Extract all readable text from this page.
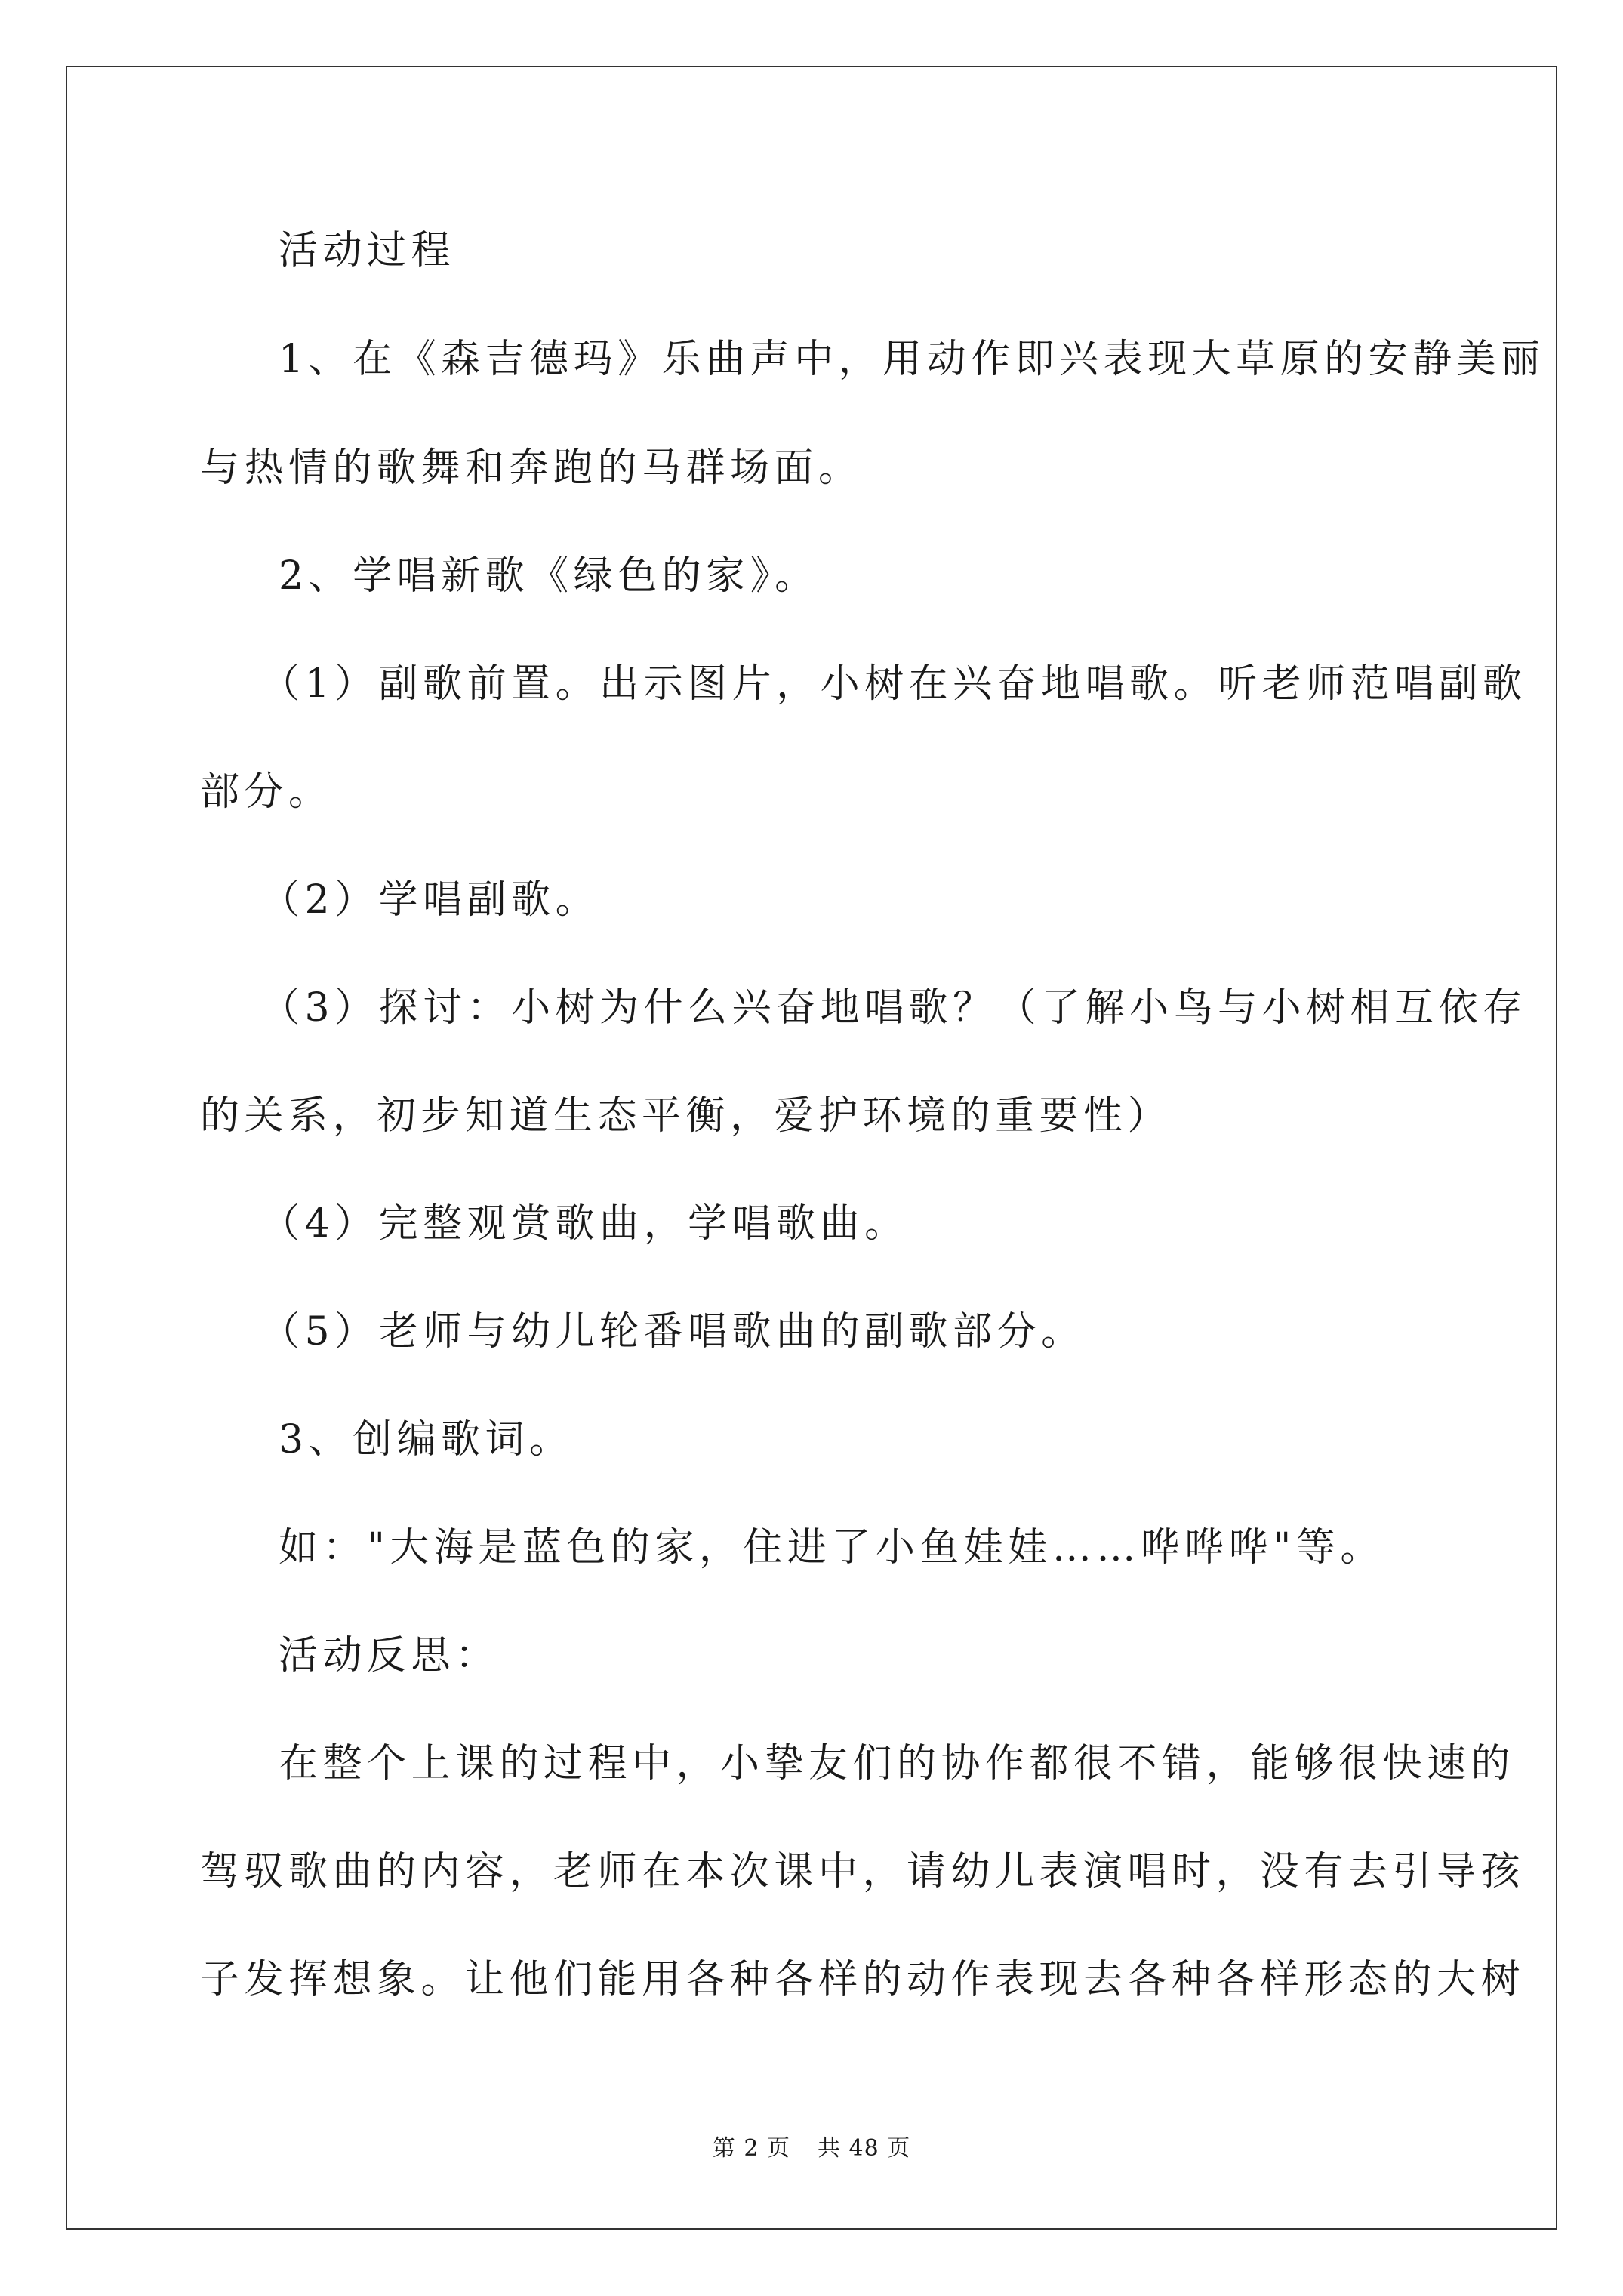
活动过程
1、在《森吉德玛》乐曲声中，用动作即兴表现大草原的安静美丽
与热情的歌舞和奔跑的马群场面。
2、学唱新歌《绿色的家》。
（1）副歌前置。出示图片，小树在兴奋地唱歌。听老师范唱副歌
部分。
（2）学唱副歌。
（3）探讨：小树为什么兴奋地唱歌？（了解小鸟与小树相互依存
的关系，初步知道生态平衡，爱护环境的重要性）
（4）完整观赏歌曲，学唱歌曲。
（5）老师与幼儿轮番唱歌曲的副歌部分。
3、创编歌词。
如："大海是蓝色的家，住进了小鱼娃娃……哗哗哗"等。
活动反思：
在整个上课的过程中，小挚友们的协作都很不错，能够很快速的
驾驭歌曲的内容，老师在本次课中，请幼儿表演唱时，没有去引导孩
子发挥想象。让他们能用各种各样的动作表现去各种各样形态的大树
第 2 页 共 48 页
